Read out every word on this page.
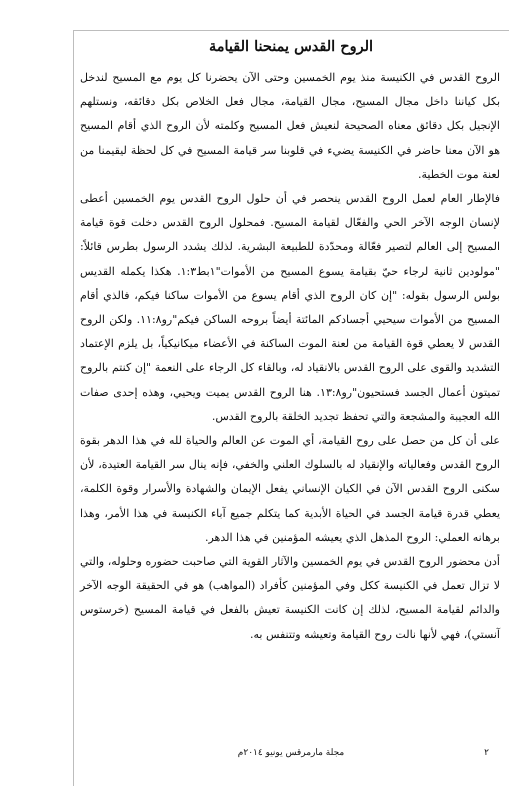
الروح القدس يمنحنا القيامة

الروح القدس في الكنيسة منذ يوم الخمسين وحتى الآن يحضرنا كل يوم مع المسيح لندخل بكل كياننا داخل مجال المسيح، مجال القيامة، مجال فعل الخلاص بكل دقائقه، ونستلهم الإنجيل بكل دقائق معناه الصحيحة لنعيش فعل المسيح وكلمته لأن الروح الذي أقام المسيح هو الآن معنا حاضر في الكنيسة يضيء في قلوبنا سر قيامة المسيح في كل لحظة ليقيمنا من لعنة موت الخطية.

فالإطار العام لعمل الروح القدس ينحصر في أن حلول الروح القدس يوم الخمسين أعطى لإنسان الوجه الآخر الحي والفعّال لقيامة المسيح. فمحلول الروح القدس دخلت قوة قيامة المسيح إلى العالم لتصير فعّالة ومحدّدة للطبيعة البشرية. لذلك يشدد الرسول بطرس قائلاً: "مولودين ثانية لرجاء حيّ بقيامة يسوع المسيح من الأموات"١بط١:٣. هكذا يكمله القديس بولس الرسول بقوله: "إن كان الروح الذي أقام يسوع من الأموات ساكنا فيكم، فالذي أقام المسيح من الأموات سيحيي أجسادكم المائتة أيضاً بروحه الساكن فيكم"رو١١:٨. ولكن الروح القدس لا يعطي قوة القيامة من لعنة الموت الساكنة في الأعضاء ميكانيكياً، بل يلزم الإعتماد التشديد والقوى على الروح القدس بالانقياد له، وبالقاء كل الرجاء على النعمة "إن كنتم بالروح تميتون أعمال الجسد فستحيون"رو١٣:٨. هنا الروح القدس يميت ويحيي، وهذه إحدى صفات الله العجيبة والمشجعة والتي تحفظ تجديد الخلقة بالروح القدس.

على أن كل من حصل على روح القيامة، أي الموت عن العالم والحياة لله في هذا الدهر بقوة الروح القدس وفعالياته والإنقياد له بالسلوك العلني والخفي، فإنه ينال سر القيامة العتيدة، لأن سكنى الروح القدس الآن في الكيان الإنساني يفعل الإيمان والشهادة والأسرار وقوة الكلمة، يعطي قدرة قيامة الجسد في الحياة الأبدية كما يتكلم جميع آباء الكنيسة في هذا الأمر، وهذا برهانه العملي: الروح المذهل الذي يعيشه المؤمنين في هذا الدهر.

أدن محضور الروح القدس في يوم الخمسين والآثار القوية التي صاحبت حضوره وحلوله، والتي لا تزال تعمل في الكنيسة ككل وفي المؤمنين كأفراد (المواهب) هو في الحقيقة الوجه الآخر والدائم لقيامة المسيح، لذلك إن كانت الكنيسة تعيش بالفعل في قيامة المسيح (خرستوس آنستي)، فهي لأنها نالت روح القيامة وتعيشه وتتنفس به.

٢
مجلة مارمرقس يونيو ٢٠١٤م
